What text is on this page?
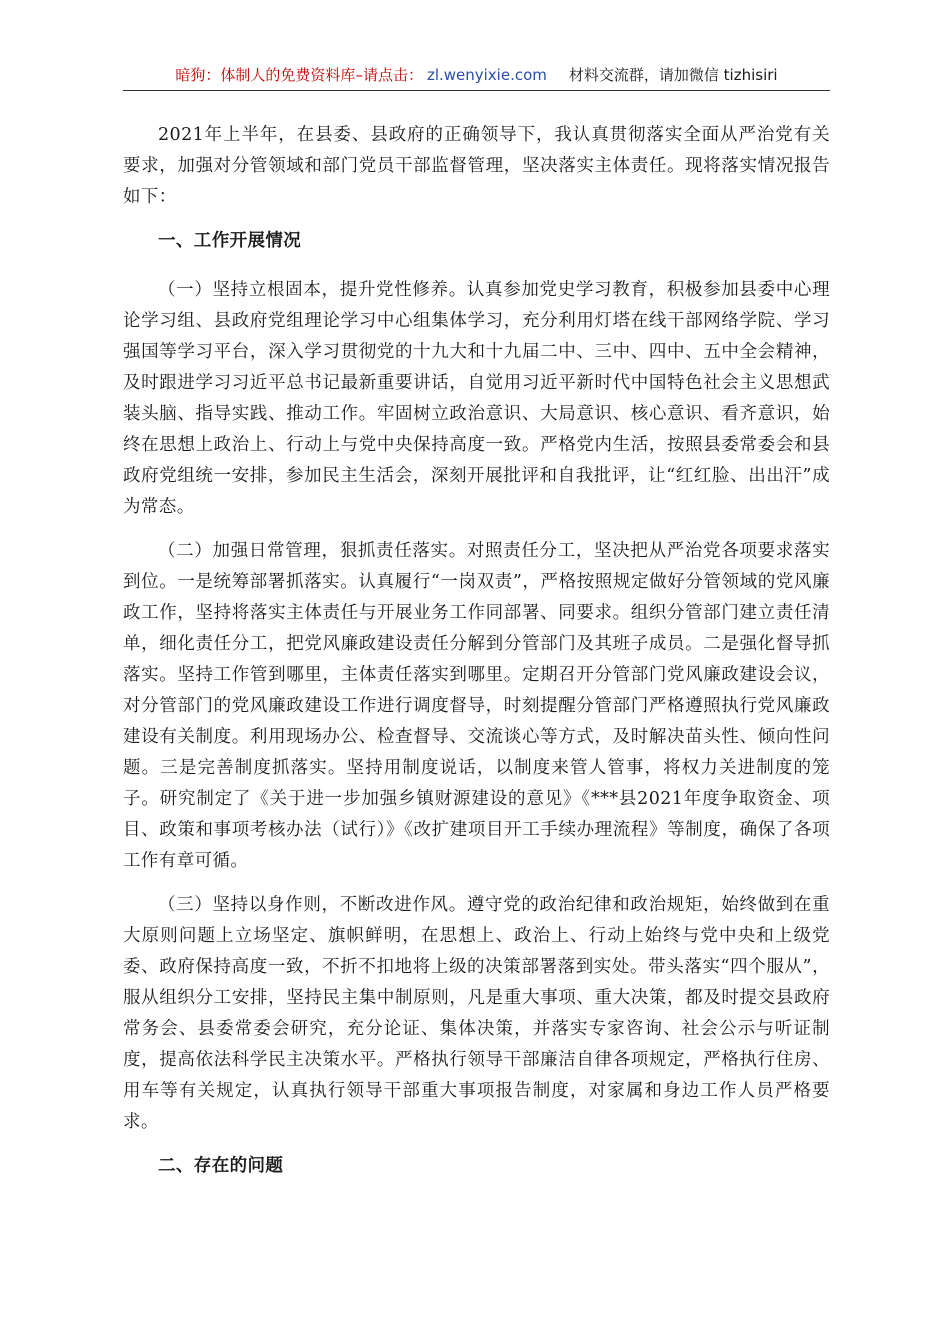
暗狗：体制人的免费资料库–请点击： zl.wenyixie.com 材料交流群，请加微信 tizhisiri

2021年上半年，在县委、县政府的正确领导下，我认真贯彻落实全面从严治党有关要求，加强对分管领域和部门党员干部监督管理，坚决落实主体责任。现将落实情况报告如下：

一、工作开展情况

（一）坚持立根固本，提升党性修养。认真参加党史学习教育，积极参加县委中心理论学习组、县政府党组理论学习中心组集体学习，充分利用灯塔在线干部网络学院、学习强国等学习平台，深入学习贯彻党的十九大和十九届二中、三中、四中、五中全会精神，及时跟进学习习近平总书记最新重要讲话，自觉用习近平新时代中国特色社会主义思想武装头脑、指导实践、推动工作。牢固树立政治意识、大局意识、核心意识、看齐意识，始终在思想上政治上、行动上与党中央保持高度一致。严格党内生活，按照县委常委会和县政府党组统一安排，参加民主生活会，深刻开展批评和自我批评，让“红红脸、出出汗”成为常态。

（二）加强日常管理，狠抓责任落实。对照责任分工，坚决把从严治党各项要求落实到位。一是统筹部署抓落实。认真履行“一岗双责”，严格按照规定做好分管领域的党风廉政工作，坚持将落实主体责任与开展业务工作同部署、同要求。组织分管部门建立责任清单，细化责任分工，把党风廉政建设责任分解到分管部门及其班子成员。二是强化督导抓落实。坚持工作管到哪里，主体责任落实到哪里。定期召开分管部门党风廉政建设会议，对分管部门的党风廉政建设工作进行调度督导，时刻提醒分管部门严格遵照执行党风廉政建设有关制度。利用现场办公、检查督导、交流谈心等方式，及时解决苗头性、倾向性问题。三是完善制度抓落实。坚持用制度说话，以制度来管人管事，将权力关进制度的笼子。研究制定了《关于进一步加强乡镇财源建设的意见》《***县2021年度争取资金、项目、政策和事项考核办法（试行）》《改扩建项目开工手续办理流程》等制度，确保了各项工作有章可循。

（三）坚持以身作则，不断改进作风。遵守党的政治纪律和政治规矩，始终做到在重大原则问题上立场坚定、旗帜鲜明，在思想上、政治上、行动上始终与党中央和上级党委、政府保持高度一致，不折不扣地将上级的决策部署落到实处。带头落实“四个服从”，服从组织分工安排，坚持民主集中制原则，凡是重大事项、重大决策，都及时提交县政府常务会、县委常委会研究，充分论证、集体决策，并落实专家咨询、社会公示与听证制度，提高依法科学民主决策水平。严格执行领导干部廉洁自律各项规定，严格执行住房、用车等有关规定，认真执行领导干部重大事项报告制度，对家属和身边工作人员严格要求。

二、存在的问题
